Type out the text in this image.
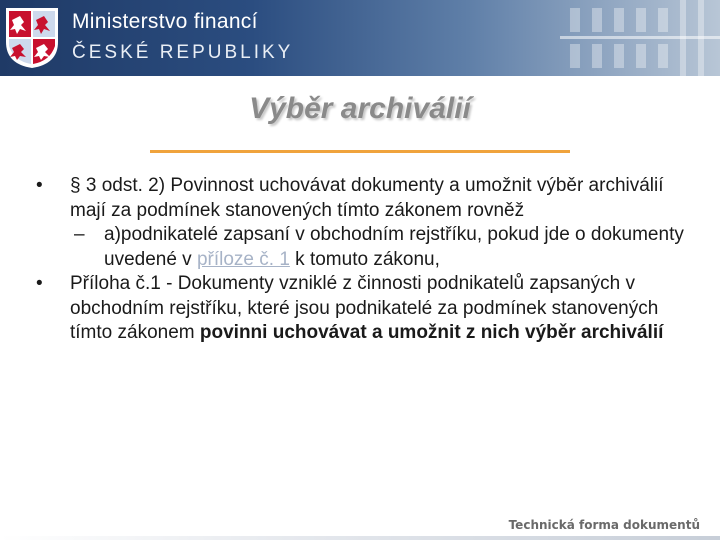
Ministerstvo financí
ČESKÉ REPUBLIKY
Výběr archiválií
• § 3 odst. 2) Povinnost uchovávat dokumenty a umožnit výběr archiválií mají za podmínek stanovených tímto zákonem rovněž
– a)podnikatelé zapsaní v obchodním rejstříku, pokud jde o dokumenty uvedené v příloze č. 1 k tomuto zákonu,
• Příloha č.1 - Dokumenty vzniklé z činnosti podnikatelů zapsaných v obchodním rejstříku, které jsou podnikatelé za podmínek stanovených tímto zákonem povinni uchovávat a umožnit z nich výběr archiválií
Technická forma dokumentů
